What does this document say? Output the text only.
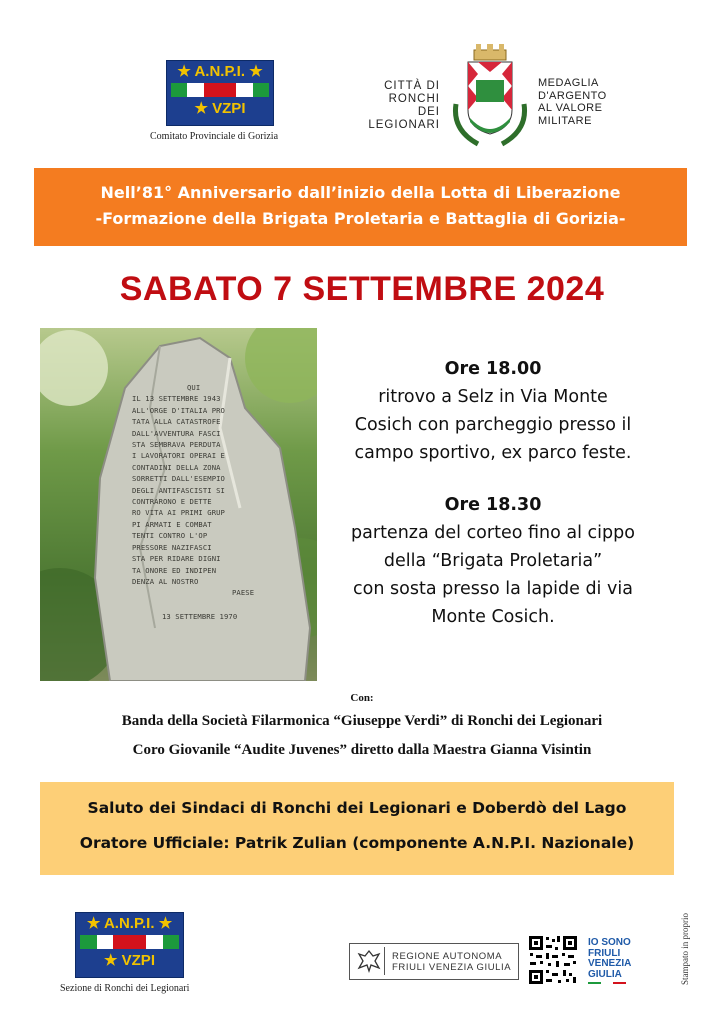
★ A.N.P.I. ★
★ VZPI
Comitato Provinciale di Gorizia
CITTÀ DI
RONCHI DEI
LEGIONARI
MEDAGLIA
D'ARGENTO
AL VALORE
MILITARE
Nell’81° Anniversario dall’inizio della Lotta di Liberazione
-Formazione della Brigata Proletaria e Battaglia di Gorizia-
SABATO 7 SETTEMBRE 2024
QUI
IL 13 SETTEMBRE 1943
ALL'ORGE D'ITALIA PRO
TATA ALLA CATASTROFE
DALL'AVVENTURA FASCI
STA SEMBRAVA PERDUTA
I LAVORATORI OPERAI E
CONTADINI DELLA ZONA
SORRETTI DALL'ESEMPIO
DEGLI ANTIFASCISTI SI
CONTRARONO E DETTE
RO VITA AI PRIMI GRUP
PI ARMATI E COMBAT
TENTI CONTRO L'OP
PRESSORE NAZIFASCI
STA PER RIDARE DIGNI
TA ONORE ED INDIPEN
DENZA AL NOSTRO
PAESE
13 SETTEMBRE 1970
Ore 18.00
ritrovo a Selz in Via Monte
Cosich con parcheggio presso il
campo sportivo, ex parco feste.
Ore 18.30
partenza del corteo fino al cippo
della “Brigata Proletaria”
con sosta presso la lapide di via
Monte Cosich.
Con:
Banda della Società Filarmonica “Giuseppe Verdi” di Ronchi dei Legionari
Coro Giovanile “Audite Juvenes” diretto dalla Maestra Gianna Visintin
Saluto dei Sindaci di Ronchi dei Legionari e Doberdò del Lago
Oratore Ufficiale: Patrik Zulian (componente A.N.P.I. Nazionale)
★ A.N.P.I. ★
★ VZPI
Sezione di Ronchi dei Legionari
REGIONE AUTONOMA
FRIULI VENEZIA GIULIA
IO SONO
FRIULI
VENEZIA
GIULIA	Stampato in proprio
